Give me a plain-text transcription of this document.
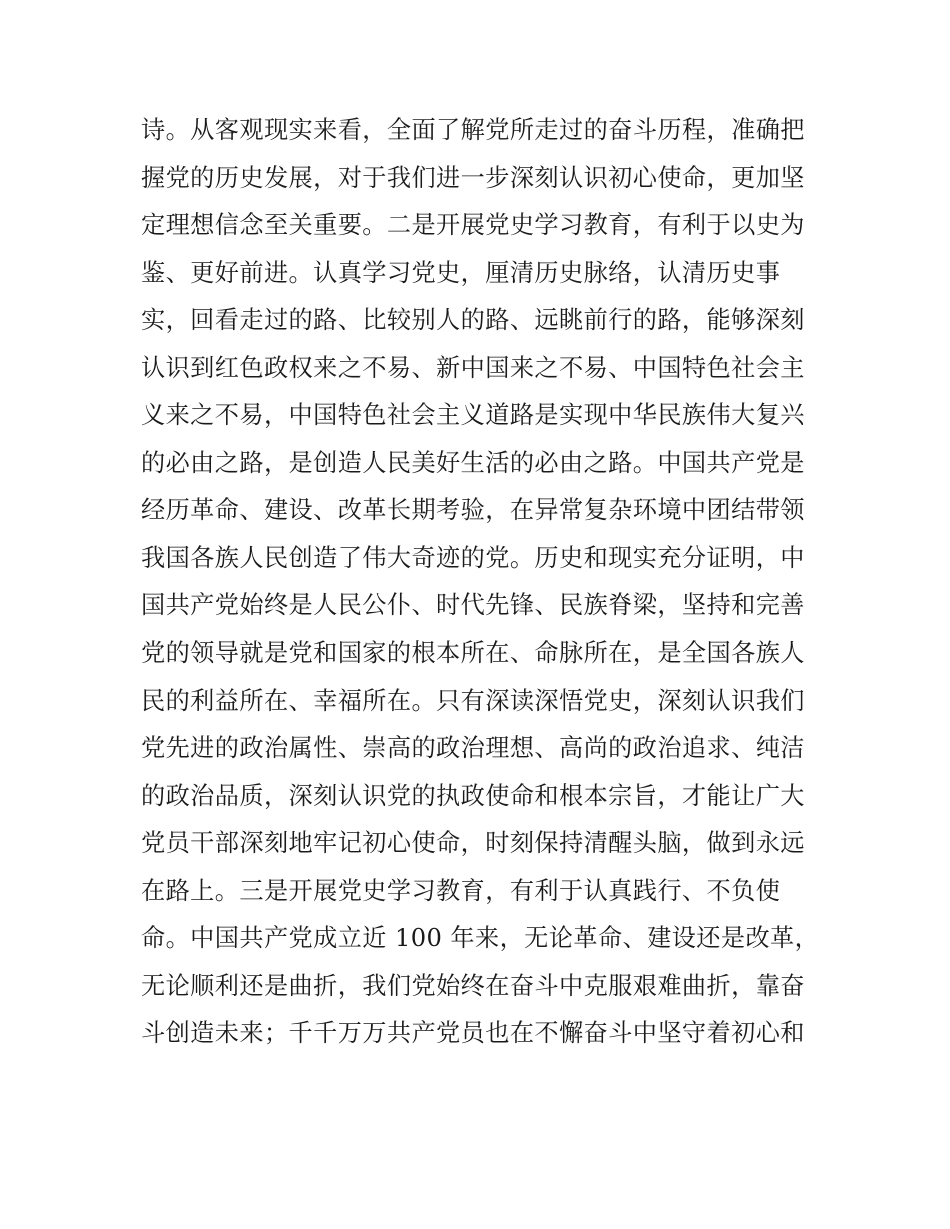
诗。从客观现实来看，全面了解党所走过的奋斗历程，准确把
握党的历史发展，对于我们进一步深刻认识初心使命，更加坚
定理想信念至关重要。二是开展党史学习教育，有利于以史为
鉴、更好前进。认真学习党史，厘清历史脉络，认清历史事
实，回看走过的路、比较别人的路、远眺前行的路，能够深刻
认识到红色政权来之不易、新中国来之不易、中国特色社会主
义来之不易，中国特色社会主义道路是实现中华民族伟大复兴
的必由之路，是创造人民美好生活的必由之路。中国共产党是
经历革命、建设、改革长期考验，在异常复杂环境中团结带领
我国各族人民创造了伟大奇迹的党。历史和现实充分证明，中
国共产党始终是人民公仆、时代先锋、民族脊梁，坚持和完善
党的领导就是党和国家的根本所在、命脉所在，是全国各族人
民的利益所在、幸福所在。只有深读深悟党史，深刻认识我们
党先进的政治属性、崇高的政治理想、高尚的政治追求、纯洁
的政治品质，深刻认识党的执政使命和根本宗旨，才能让广大
党员干部深刻地牢记初心使命，时刻保持清醒头脑，做到永远
在路上。三是开展党史学习教育，有利于认真践行、不负使
命。中国共产党成立近 100 年来，无论革命、建设还是改革，
无论顺利还是曲折，我们党始终在奋斗中克服艰难曲折，靠奋
斗创造未来；千千万万共产党员也在不懈奋斗中坚守着初心和
